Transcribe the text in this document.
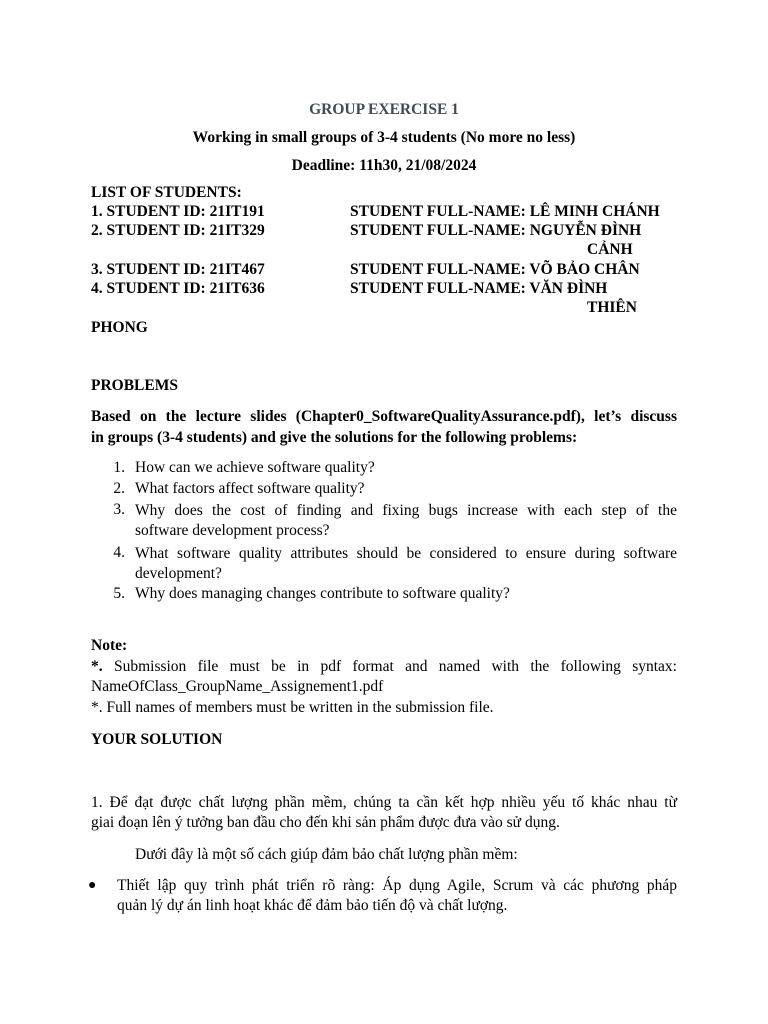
GROUP EXERCISE 1
Working in small groups of 3-4 students (No more no less)
Deadline: 11h30, 21/08/2024
LIST OF STUDENTS:
1. STUDENT ID: 21IT191	STUDENT FULL-NAME: LÊ MINH CHÁNH
2. STUDENT ID: 21IT329	STUDENT FULL-NAME: NGUYỄN ĐÌNH
CẢNH
3. STUDENT ID: 21IT467	STUDENT FULL-NAME: VÕ BẢO CHÂN
4. STUDENT ID: 21IT636	STUDENT FULL-NAME: VĂN ĐÌNH
THIÊN
PHONG
PROBLEMS
Based on the lecture slides (Chapter0_SoftwareQualityAssurance.pdf), let’s discuss
in groups (3-4 students) and give the solutions for the following problems:
1. How can we achieve software quality?
2. What factors affect software quality?
3. Why does the cost of finding and fixing bugs increase with each step of the
software development process?
4. What software quality attributes should be considered to ensure during software
development?
5. Why does managing changes contribute to software quality?
Note:
*. Submission file must be in pdf format and named with the following syntax:
NameOfClass_GroupName_Assignement1.pdf
*. Full names of members must be written in the submission file.
YOUR SOLUTION
1. Để đạt được chất lượng phần mềm, chúng ta cần kết hợp nhiều yếu tố khác nhau từ
giai đoạn lên ý tưởng ban đầu cho đến khi sản phẩm được đưa vào sử dụng.
Dưới đây là một số cách giúp đảm bảo chất lượng phần mềm:
● Thiết lập quy trình phát triển rõ ràng: Áp dụng Agile, Scrum và các phương pháp
quản lý dự án linh hoạt khác để đảm bảo tiến độ và chất lượng.
